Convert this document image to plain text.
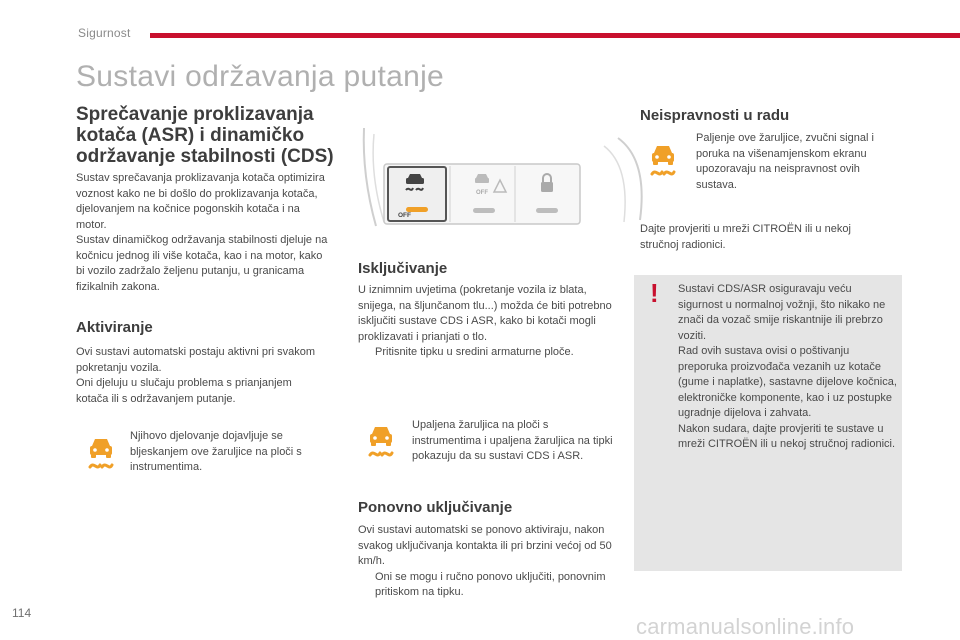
Sigurnost
Sustavi održavanja putanje
Sprečavanje proklizavanja kotača (ASR) i dinamičko održavanje stabilnosti (CDS)

Sustav sprečavanja proklizavanja kotača optimizira voznost kako ne bi došlo do proklizavanja kotača, djelovanjem na kočnice pogonskih kotača i na motor.

Sustav dinamičkog održavanja stabilnosti djeluje na kočnicu jednog ili više kotača, kao i na motor, kako bi vozilo zadržalo željenu putanju, u granicama fizikalnih zakona.

Aktiviranje

Ovi sustavi automatski postaju aktivni pri svakom pokretanju vozila.

Oni djeluju u slučaju problema s prianjanjem kotača ili s održavanjem putanje.

Njihovo djelovanje dojavljuje se bljeskanjem ove žaruljice na ploči s instrumentima.

OFF
OFF
Isključivanje

U iznimnim uvjetima (pokretanje vozila iz blata, snijega, na šljunčanom tlu...) možda će biti potrebno isključiti sustave CDS i ASR, kako bi kotači mogli proklizavati i prianjati o tlo.

Pritisnite tipku u sredini armaturne ploče.

Upaljena žaruljica na ploči s instrumentima i upaljena žaruljica na tipki pokazuju da su sustavi CDS i ASR.

Ponovno uključivanje

Ovi sustavi automatski se ponovo aktiviraju, nakon svakog uključivanja kontakta ili pri brzini većoj od 50 km/h.

Oni se mogu i ručno ponovo uključiti, ponovnim pritiskom na tipku.

Neispravnosti u radu

Paljenje ove žaruljice, zvučni signal i poruka na višenamjenskom ekranu upozoravaju na neispravnost ovih sustava.

Dajte provjeriti u mreži CITROËN ili u nekoj stručnoj radionici.

! Sustavi CDS/ASR osiguravaju veću sigurnost u normalnoj vožnji, što nikako ne znači da vozač smije riskantnije ili prebrzo voziti.

Rad ovih sustava ovisi o poštivanju preporuka proizvođača vezanih uz kotače (gume i naplatke), sastavne dijelove kočnica, elektroničke komponente, kao i uz postupke ugradnje dijelova i zahvata.

Nakon sudara, dajte provjeriti te sustave u mreži CITROËN ili u nekoj stručnoj radionici.

114
carmanualsonline.info
